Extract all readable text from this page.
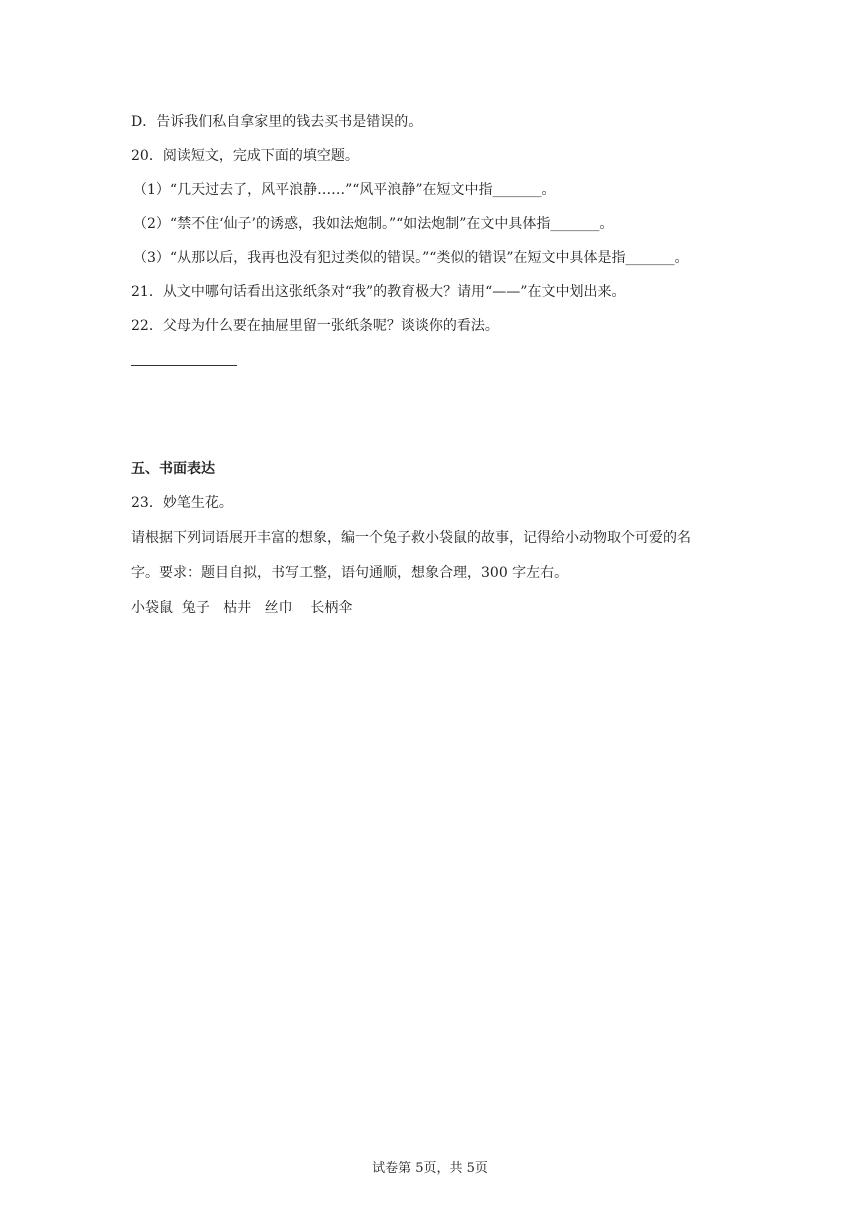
D．告诉我们私自拿家里的钱去买书是错误的。
20．阅读短文，完成下面的填空题。
（1）“几天过去了，风平浪静……”“风平浪静”在短文中指_______。
（2）“禁不住‘仙子’的诱惑，我如法炮制。”“如法炮制”在文中具体指_______。
（3）“从那以后，我再也没有犯过类似的错误。”“类似的错误”在短文中具体是指_______。
21．从文中哪句话看出这张纸条对“我”的教育极大？请用“——”在文中划出来。
22．父母为什么要在抽屉里留一张纸条呢？谈谈你的看法。
五、书面表达
23．妙笔生花。
请根据下列词语展开丰富的想象，编一个兔子救小袋鼠的故事，记得给小动物取个可爱的名
字。要求：题目自拟，书写工整，语句通顺，想象合理，300 字左右。
小袋鼠  兔子   枯井   丝巾    长柄伞
试卷第 5页，共 5页
